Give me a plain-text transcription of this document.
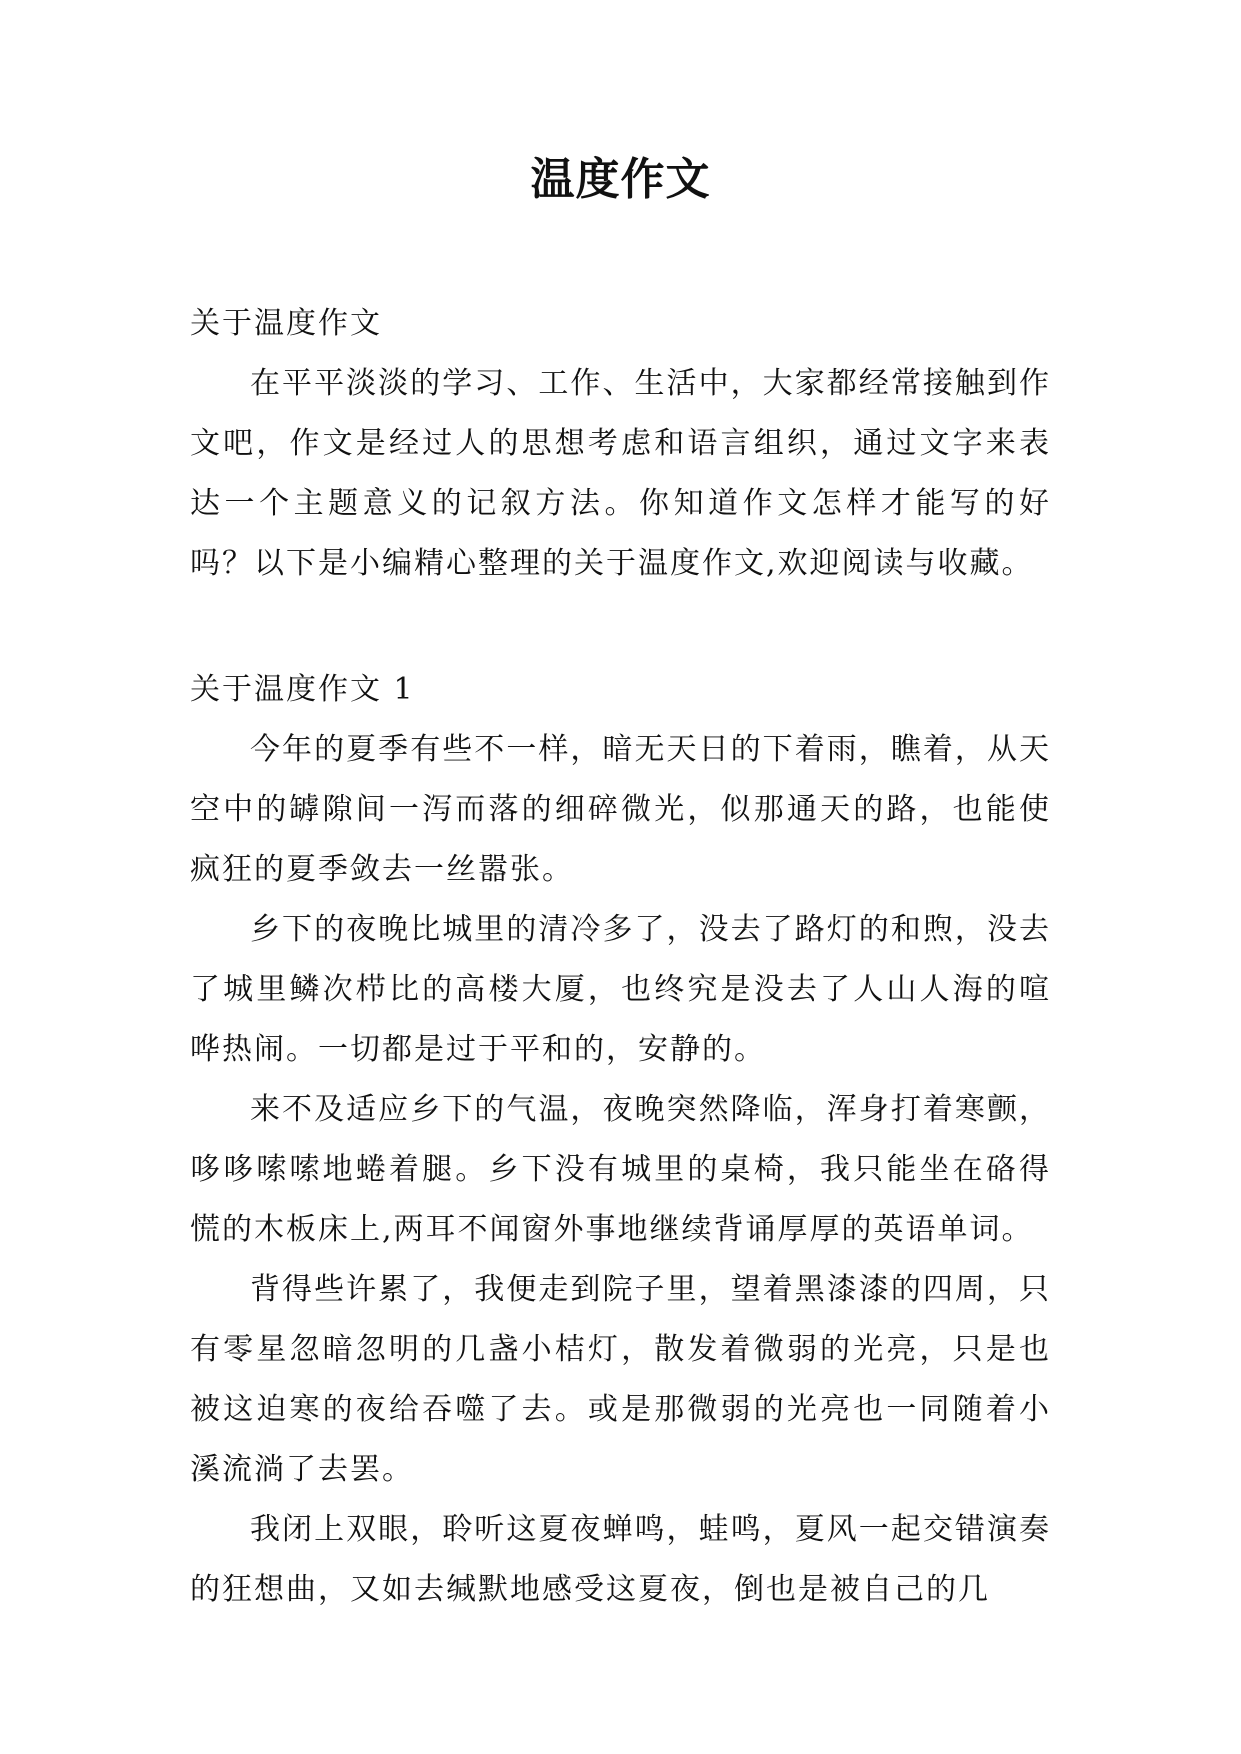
温度作文

关于温度作文

在平平淡淡的学习、工作、生活中，大家都经常接触到作文吧，作文是经过人的思想考虑和语言组织，通过文字来表达一个主题意义的记叙方法。你知道作文怎样才能写的好吗？以下是小编精心整理的关于温度作文,欢迎阅读与收藏。

关于温度作文 1

今年的夏季有些不一样，暗无天日的下着雨，瞧着，从天空中的罅隙间一泻而落的细碎微光，似那通天的路，也能使疯狂的夏季敛去一丝嚣张。

乡下的夜晚比城里的清冷多了，没去了路灯的和煦，没去了城里鳞次栉比的高楼大厦，也终究是没去了人山人海的喧哗热闹。一切都是过于平和的，安静的。

来不及适应乡下的气温，夜晚突然降临，浑身打着寒颤，哆哆嗦嗦地蜷着腿。乡下没有城里的桌椅，我只能坐在硌得慌的木板床上,两耳不闻窗外事地继续背诵厚厚的英语单词。

背得些许累了，我便走到院子里，望着黑漆漆的四周，只有零星忽暗忽明的几盏小桔灯，散发着微弱的光亮，只是也被这迫寒的夜给吞噬了去。或是那微弱的光亮也一同随着小溪流淌了去罢。

我闭上双眼，聆听这夏夜蝉鸣，蛙鸣，夏风一起交错演奏的狂想曲，又如去缄默地感受这夏夜，倒也是被自己的几
